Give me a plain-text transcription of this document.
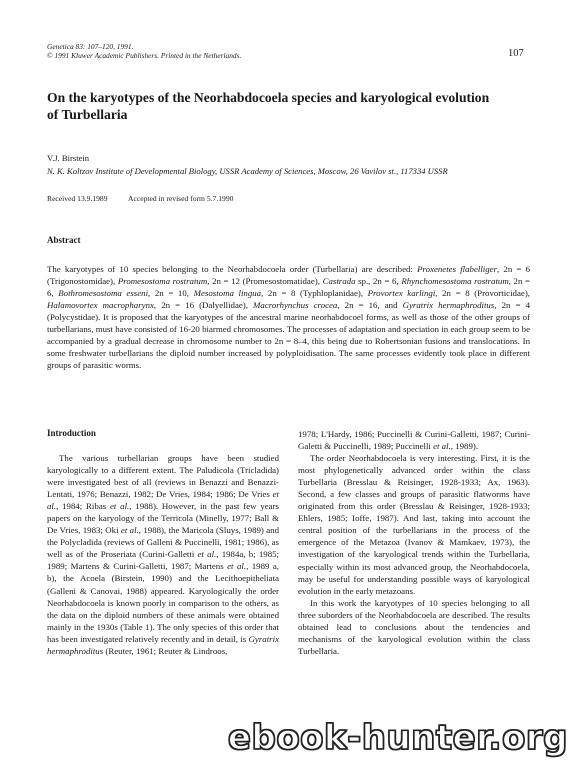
Genetica 83: 107–120, 1991.
© 1991 Kluwer Academic Publishers. Printed in the Netherlands.	107
On the karyotypes of the Neorhabdocoela species and karyological evolution of Turbellaria
V.J. Birstein
N. K. Koltzov Institute of Developmental Biology, USSR Academy of Sciences, Moscow, 26 Vavilov st., 117334 USSR
Received 13.9.1989	Accepted in revised form 5.7.1990
Abstract

The karyotypes of 10 species belonging to the Neorhabdocoela order (Turbellaria) are described: Proxenetes flabelliger, 2n = 6 (Trigonostomidae), Promesostoma rostratum, 2n = 12 (Promesostomatidae), Castrada sp., 2n = 6, Rhynchomesostoma rostratum, 2n = 6, Bothromesostoma esseni, 2n = 10, Mesostoma lingua, 2n = 8 (Typhloplanidae), Provortex karlingi, 2n = 8 (Provorticidae), Halamovortex macropharynx, 2n = 16 (Dalyellidae), Macrorhynchus crocea, 2n = 16, and Gyratrix hermaphroditus, 2n = 4 (Polycystidae). It is proposed that the karyotypes of the ancestral marine neorhabdocoel forms, as well as those of the other groups of turbellarians, must have consisted of 16-20 biarmed chromosomes. The processes of adaptation and speciation in each group seem to be accompanied by a gradual decrease in chromosome number to 2n = 8–4, this being due to Robertsonian fusions and translocations. In some freshwater turbellarians the diploid number increased by polyploidisation. The same processes evidently took place in different groups of parasitic worms.

Introduction

The various turbellarian groups have been studied karyologically to a different extent. The Paludicola (Tricladida) were investigated best of all (reviews in Benazzi and Benazzi-Lentati, 1976; Benazzi, 1982; De Vries, 1984; 1986; De Vries et al., 1984; Ribas et al., 1988). However, in the past few years papers on the karyology of the Terricola (Minelly, 1977; Ball & De Vries, 1983; Oki et al., 1988), the Maricola (Sluys, 1989) and the Polycladida (reviews of Galleni & Puccinelli, 1981; 1986), as well as of the Proseriata (Curini-Galletti et al., 1984a, b; 1985; 1989; Martens & Curini-Galletti, 1987; Martens et al., 1989 a, b), the Acoela (Birstein, 1990) and the Lecithoepitheliata (Galleni & Canovai, 1988) appeared. Karyologically the order Neorhabdocoela is known poorly in comparison to the others, as the data on the diploid numbers of these animals were obtained mainly in the 1930s (Table 1). The only species of this order that has been investigated relatively recently and in detail, is Gyratrix hermaphroditus (Reuter, 1961; Reuter & Lindroos,

1978; L'Hardy, 1986; Puccinelli & Curini-Galletti, 1987; Curini-Galetti & Puccinelli, 1989; Puccinelli et al., 1989).

The order Neorhabdocoela is very interesting. First, it is the most phylogenetically advanced order within the class Turbellaria (Bresslau & Reisinger, 1928-1933; Ax, 1963). Second, a few classes and groups of parasitic flatworms have originated from this order (Bresslau & Reisinger, 1928-1933; Ehlers, 1985; Ioffe, 1987). And last, taking into account the central position of the turbellarians in the process of the emergence of the Metazoa (Ivanov & Mamkaev, 1973), the investigation of the karyological trends within the Turbellaria, especially within its most advanced group, the Neorhabdocoela, may be useful for understanding possible ways of karyological evolution in the early metazoans.

In this work the karyotypes of 10 species belonging to all three suborders of the Neorhabdocoela are described. The results obtained lead to conclusions about the tendencies and mechanisms of the karyological evolution within the class Turbellaria.

ebook-hunter.org
